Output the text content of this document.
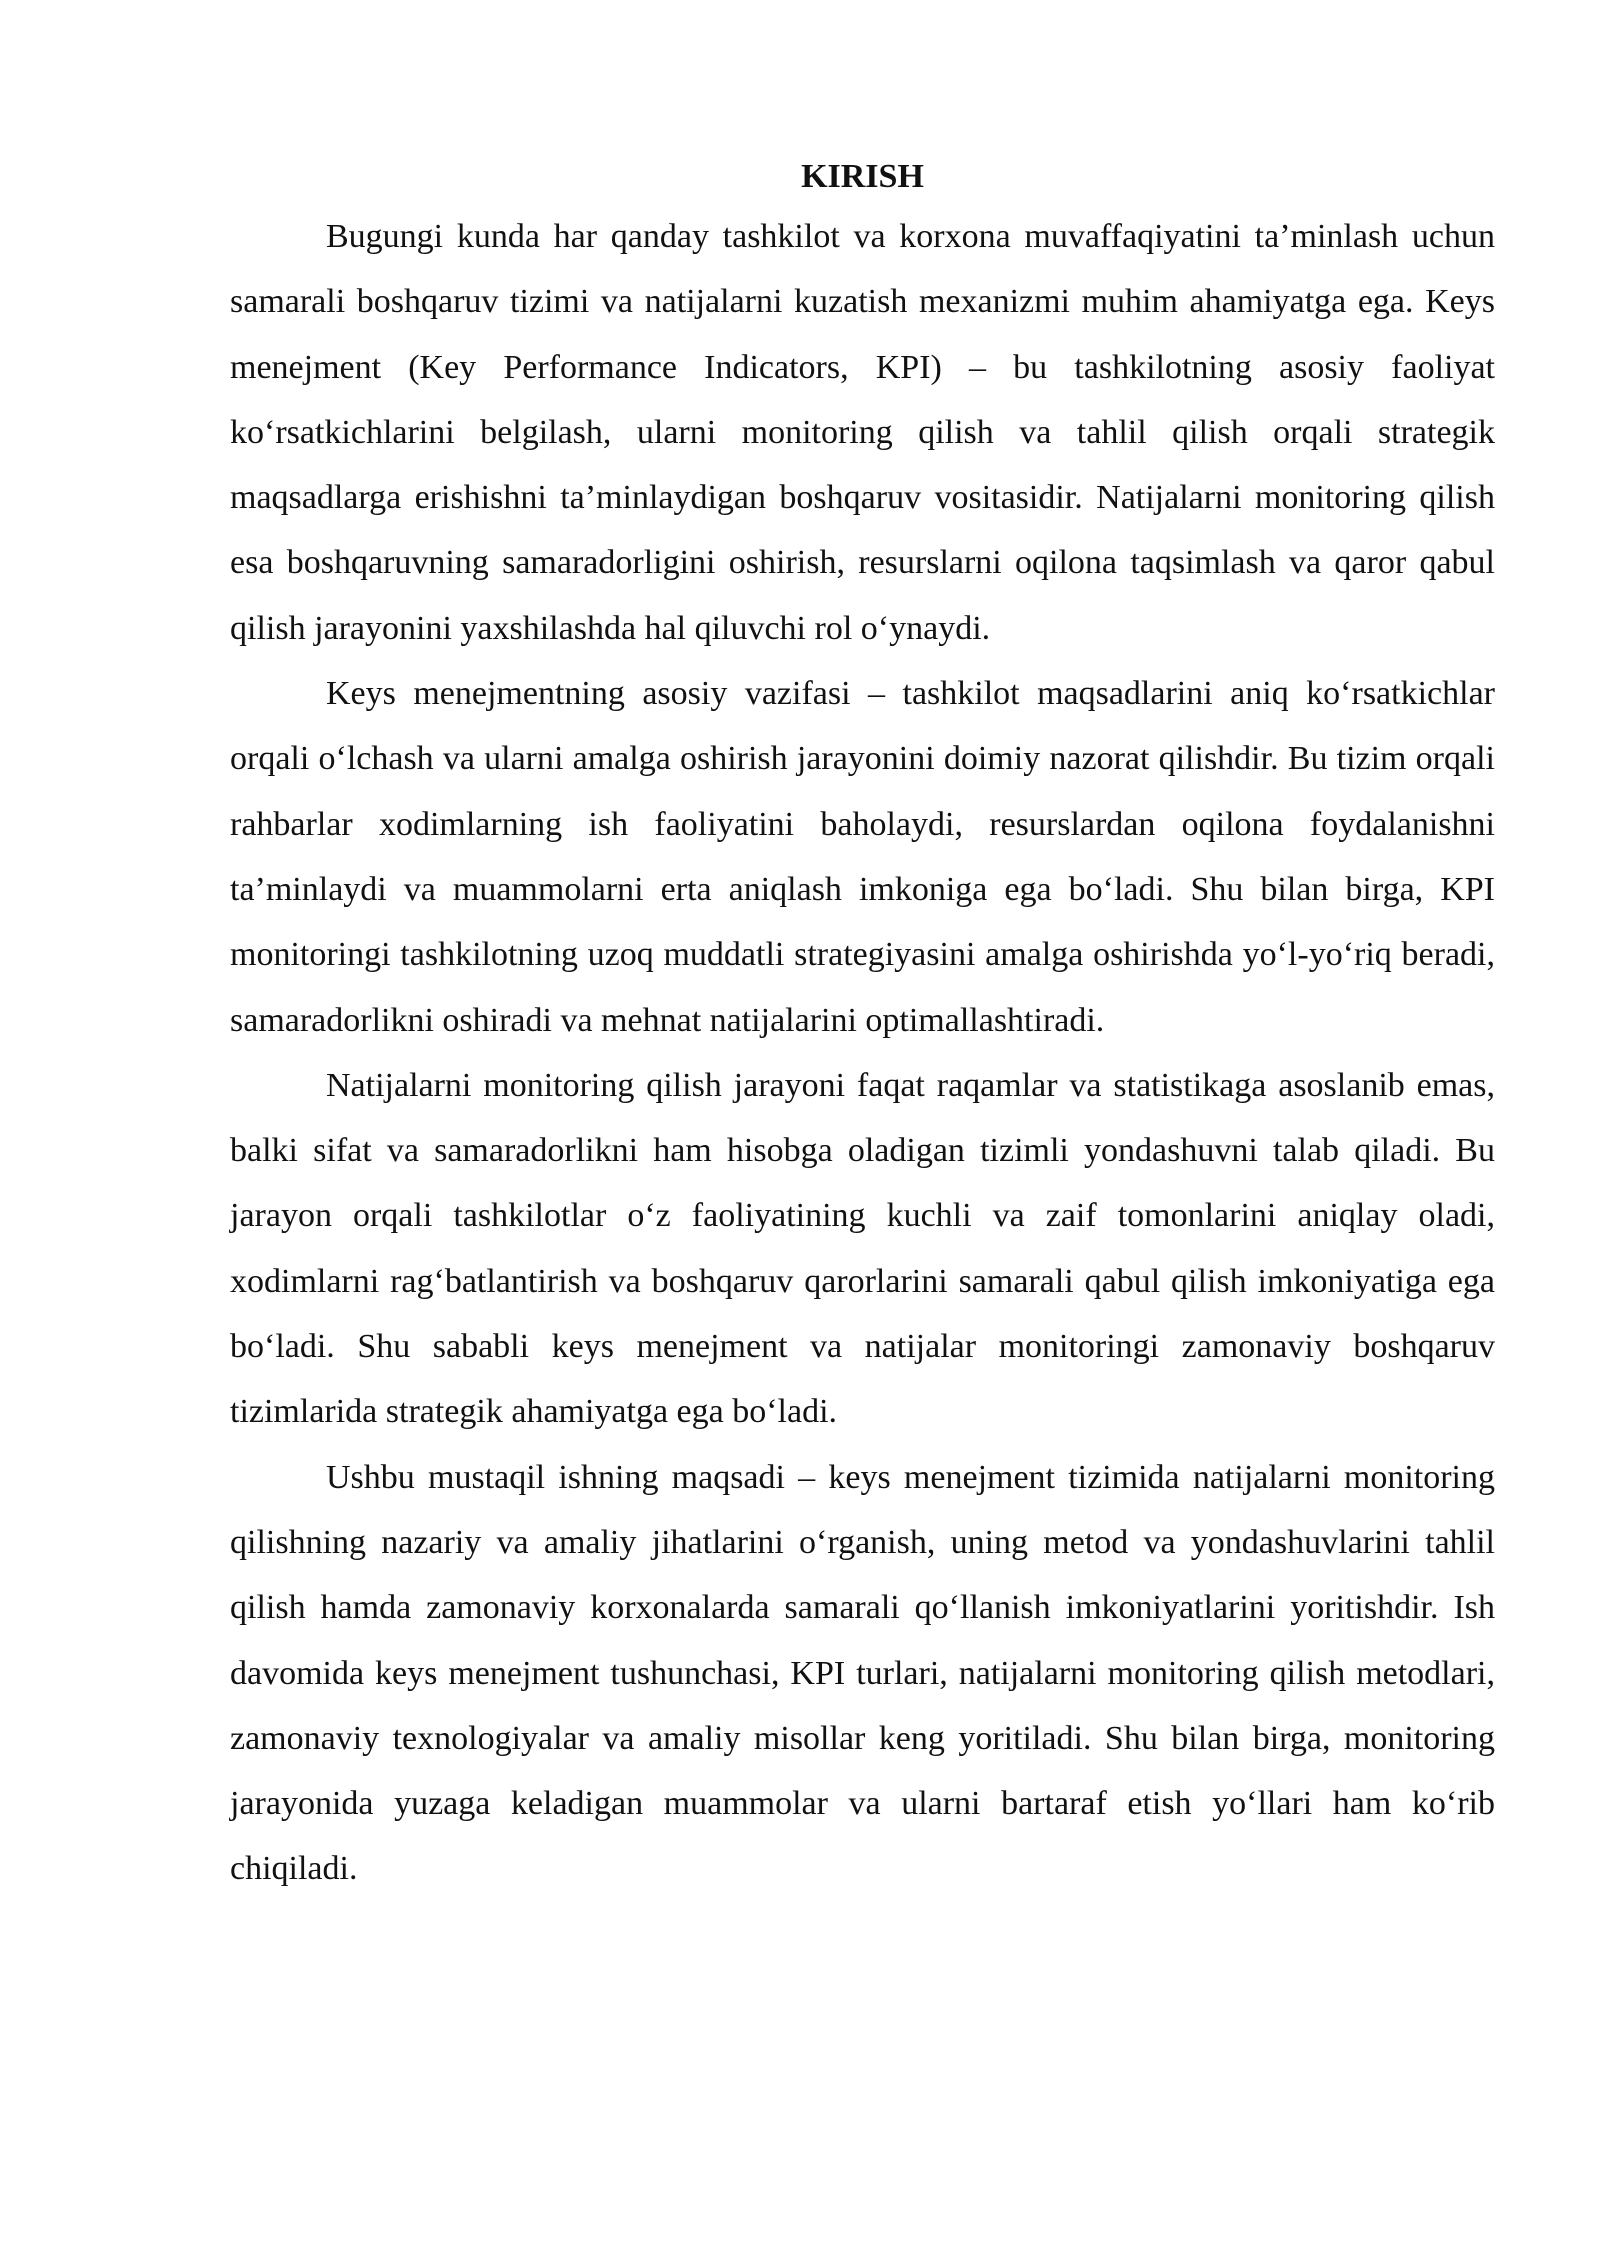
KIRISH

Bugungi kunda har qanday tashkilot va korxona muvaffaqiyatini ta’minlash uchun samarali boshqaruv tizimi va natijalarni kuzatish mexanizmi muhim ahamiyatga ega. Keys menejment (Key Performance Indicators, KPI) – bu tashkilotning asosiy faoliyat ko‘rsatkichlarini belgilash, ularni monitoring qilish va tahlil qilish orqali strategik maqsadlarga erishishni ta’minlaydigan boshqaruv vositasidir. Natijalarni monitoring qilish esa boshqaruvning samaradorligini oshirish, resurslarni oqilona taqsimlash va qaror qabul qilish jarayonini yaxshilashda hal qiluvchi rol o‘ynaydi.

Keys menejmentning asosiy vazifasi – tashkilot maqsadlarini aniq ko‘rsatkichlar orqali o‘lchash va ularni amalga oshirish jarayonini doimiy nazorat qilishdir. Bu tizim orqali rahbarlar xodimlarning ish faoliyatini baholaydi, resurslardan oqilona foydalanishni ta’minlaydi va muammolarni erta aniqlash imkoniga ega bo‘ladi. Shu bilan birga, KPI monitoringi tashkilotning uzoq muddatli strategiyasini amalga oshirishda yo‘l-yo‘riq beradi, samaradorlikni oshiradi va mehnat natijalarini optimallashtiradi.

Natijalarni monitoring qilish jarayoni faqat raqamlar va statistikaga asoslanib emas, balki sifat va samaradorlikni ham hisobga oladigan tizimli yondashuvni talab qiladi. Bu jarayon orqali tashkilotlar o‘z faoliyatining kuchli va zaif tomonlarini aniqlay oladi, xodimlarni rag‘batlantirish va boshqaruv qarorlarini samarali qabul qilish imkoniyatiga ega bo‘ladi. Shu sababli keys menejment va natijalar monitoringi zamonaviy boshqaruv tizimlarida strategik ahamiyatga ega bo‘ladi.

Ushbu mustaqil ishning maqsadi – keys menejment tizimida natijalarni monitoring qilishning nazariy va amaliy jihatlarini o‘rganish, uning metod va yondashuvlarini tahlil qilish hamda zamonaviy korxonalarda samarali qo‘llanish imkoniyatlarini yoritishdir. Ish davomida keys menejment tushunchasi, KPI turlari, natijalarni monitoring qilish metodlari, zamonaviy texnologiyalar va amaliy misollar keng yoritiladi. Shu bilan birga, monitoring jarayonida yuzaga keladigan muammolar va ularni bartaraf etish yo‘llari ham ko‘rib chiqiladi.
